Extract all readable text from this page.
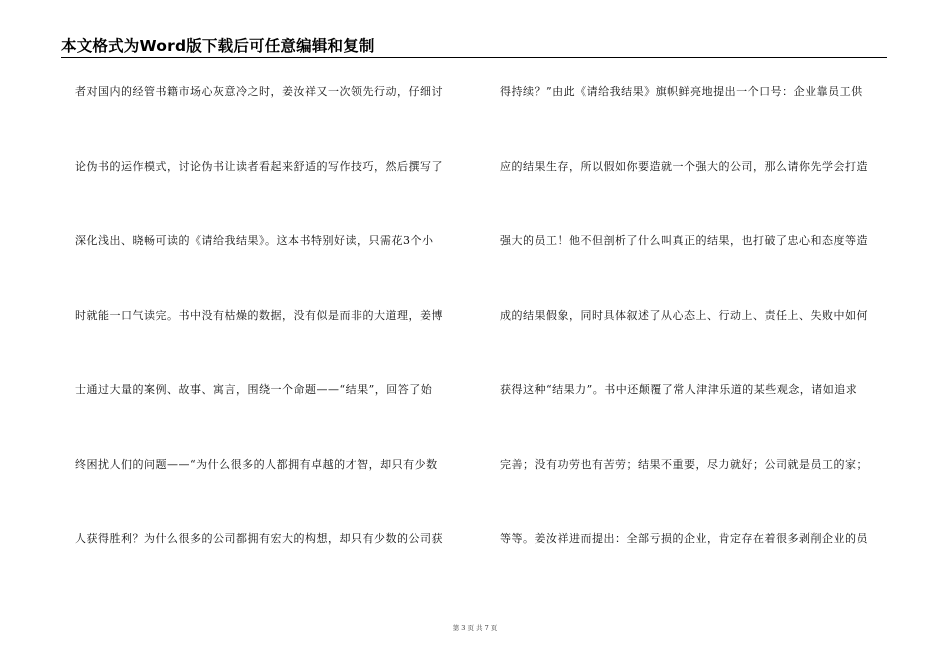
本文格式为Word版下载后可任意编辑和复制
者对国内的经管书籍市场心灰意冷之时，姜汝祥又一次领先行动，仔细讨
论伪书的运作模式，讨论伪书让读者看起来舒适的写作技巧，然后撰写了
深化浅出、晓畅可读的《请给我结果》。这本书特别好读，只需花3个小
时就能一口气读完。书中没有枯燥的数据，没有似是而非的大道理，姜博
士通过大量的案例、故事、寓言，围绕一个命题——“结果”，回答了始
终困扰人们的问题——“为什么很多的人都拥有卓越的才智，却只有少数
人获得胜利？为什么很多的公司都拥有宏大的构想，却只有少数的公司获
得持续？”由此《请给我结果》旗帜鲜亮地提出一个口号：企业靠员工供
应的结果生存，所以假如你要造就一个强大的公司，那么请你先学会打造
强大的员工！他不但剖析了什么叫真正的结果，也打破了忠心和态度等造
成的结果假象，同时具体叙述了从心态上、行动上、责任上、失败中如何
获得这种“结果力”。书中还颠覆了常人津津乐道的某些观念，诸如追求
完善；没有功劳也有苦劳；结果不重要，尽力就好；公司就是员工的家；
等等。姜汝祥进而提出：全部亏损的企业，肯定存在着很多剥削企业的员
第 3 页 共 7 页
